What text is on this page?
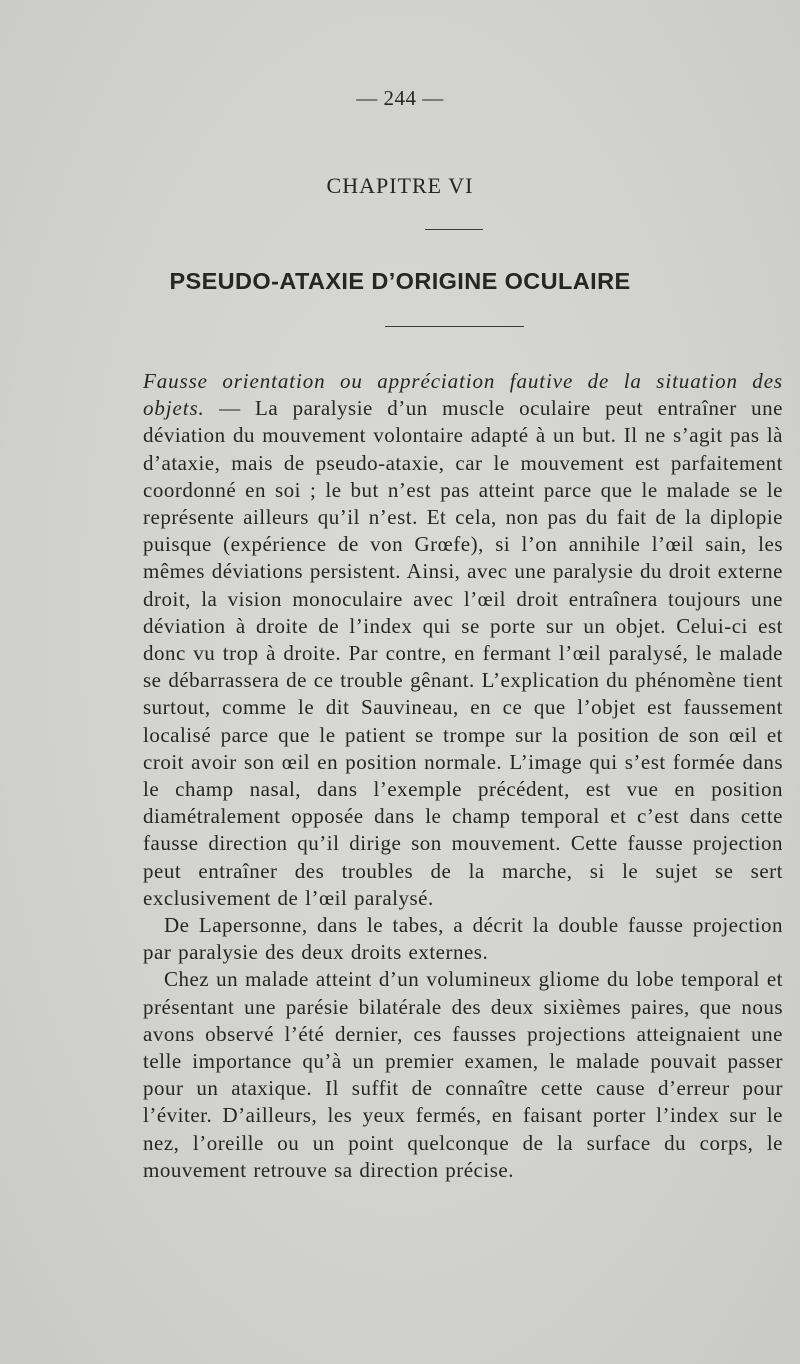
— 244 —
CHAPITRE VI
PSEUDO-ATAXIE D’ORIGINE OCULAIRE

Fausse orientation ou appréciation fautive de la situation des objets. — La paralysie d’un muscle oculaire peut entraîner une déviation du mouvement volontaire adapté à un but. Il ne s’agit pas là d’ataxie, mais de pseudo-ataxie, car le mouvement est parfaitement coordonné en soi ; le but n’est pas atteint parce que le malade se le représente ailleurs qu’il n’est. Et cela, non pas du fait de la diplopie puisque (expérience de von Grœfe), si l’on annihile l’œil sain, les mêmes déviations persistent. Ainsi, avec une paralysie du droit externe droit, la vision monoculaire avec l’œil droit entraînera toujours une déviation à droite de l’index qui se porte sur un objet. Celui-ci est donc vu trop à droite. Par contre, en fermant l’œil paralysé, le malade se débarrassera de ce trouble gênant. L’explication du phénomène tient surtout, comme le dit Sauvineau, en ce que l’objet est faussement localisé parce que le patient se trompe sur la position de son œil et croit avoir son œil en position normale. L’image qui s’est formée dans le champ nasal, dans l’exemple précédent, est vue en position diamétralement opposée dans le champ temporal et c’est dans cette fausse direction qu’il dirige son mouvement. Cette fausse projection peut entraîner des troubles de la marche, si le sujet se sert exclusivement de l’œil paralysé.

De Lapersonne, dans le tabes, a décrit la double fausse projection par paralysie des deux droits externes.

Chez un malade atteint d’un volumineux gliome du lobe temporal et présentant une parésie bilatérale des deux sixièmes paires, que nous avons observé l’été dernier, ces fausses projections atteignaient une telle importance qu’à un premier examen, le malade pouvait passer pour un ataxique. Il suffit de connaître cette cause d’erreur pour l’éviter. D’ailleurs, les yeux fermés, en faisant porter l’index sur le nez, l’oreille ou un point quelconque de la surface du corps, le mouvement retrouve sa direction précise.
